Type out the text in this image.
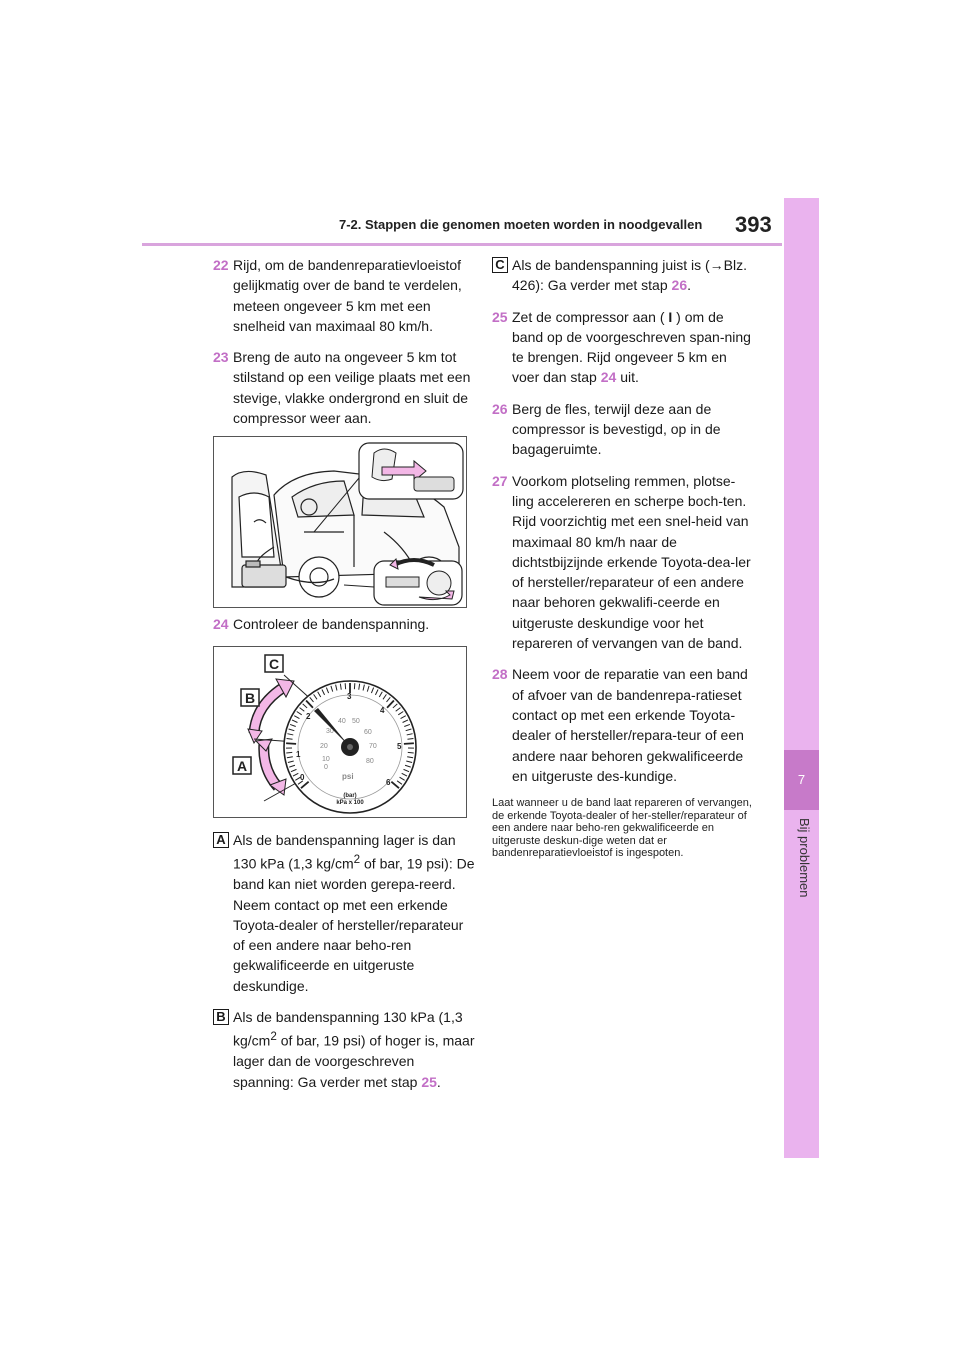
7-2. Stappen die genomen moeten worden in noodgevallen 393
7
Bij problemen
22 Rijd, om de bandenreparatievloeistof gelijkmatig over de band te verdelen, meteen ongeveer 5 km met een snelheid van maximaal 80 km/h.
23 Breng de auto na ongeveer 5 km tot stilstand op een veilige plaats met een stevige, vlakke ondergrond en sluit de compressor weer aan.
24 Controleer de bandenspanning.
C
B
A
0
1
2
3
4
5
6
0
10
20
30
40 50
60
70
80
psi
(bar)
kPa x 100
A Als de bandenspanning lager is dan 130 kPa (1,3 $kg/cm^2$ of bar, 19 psi): De band kan niet worden gerepa-reerd. Neem contact op met een erkende Toyota-dealer of hersteller/reparateur of een andere naar beho-ren gekwalificeerde en uitgeruste deskundige.
B Als de bandenspanning 130 kPa (1,3 $kg/cm^2$ of bar, 19 psi) of hoger is, maar lager dan de voorgeschreven spanning: Ga verder met stap 25.
C Als de bandenspanning juist is (→Blz. 426): Ga verder met stap 26.
25 Zet de compressor aan ( I ) om de band op de voorgeschreven span-ning te brengen. Rijd ongeveer 5 km en voer dan stap 24 uit.
26 Berg de fles, terwijl deze aan de compressor is bevestigd, op in de bagageruimte.
27 Voorkom plotseling remmen, plotse-ling accelereren en scherpe boch-ten. Rijd voorzichtig met een snel-heid van maximaal 80 km/h naar de dichtstbijzijnde erkende Toyota-dea-ler of hersteller/reparateur of een andere naar behoren gekwalifi-ceerde en uitgeruste deskundige voor het repareren of vervangen van de band.
28 Neem voor de reparatie van een band of afvoer van de bandenrepa-ratieset contact op met een erkende Toyota-dealer of hersteller/repara-teur of een andere naar behoren gekwalificeerde en uitgeruste des-kundige.
Laat wanneer u de band laat repareren of vervangen, de erkende Toyota-dealer of her-steller/reparateur of een andere naar beho-ren gekwalificeerde en uitgeruste deskun-dige weten dat er bandenreparatievloeistof is ingespoten.
